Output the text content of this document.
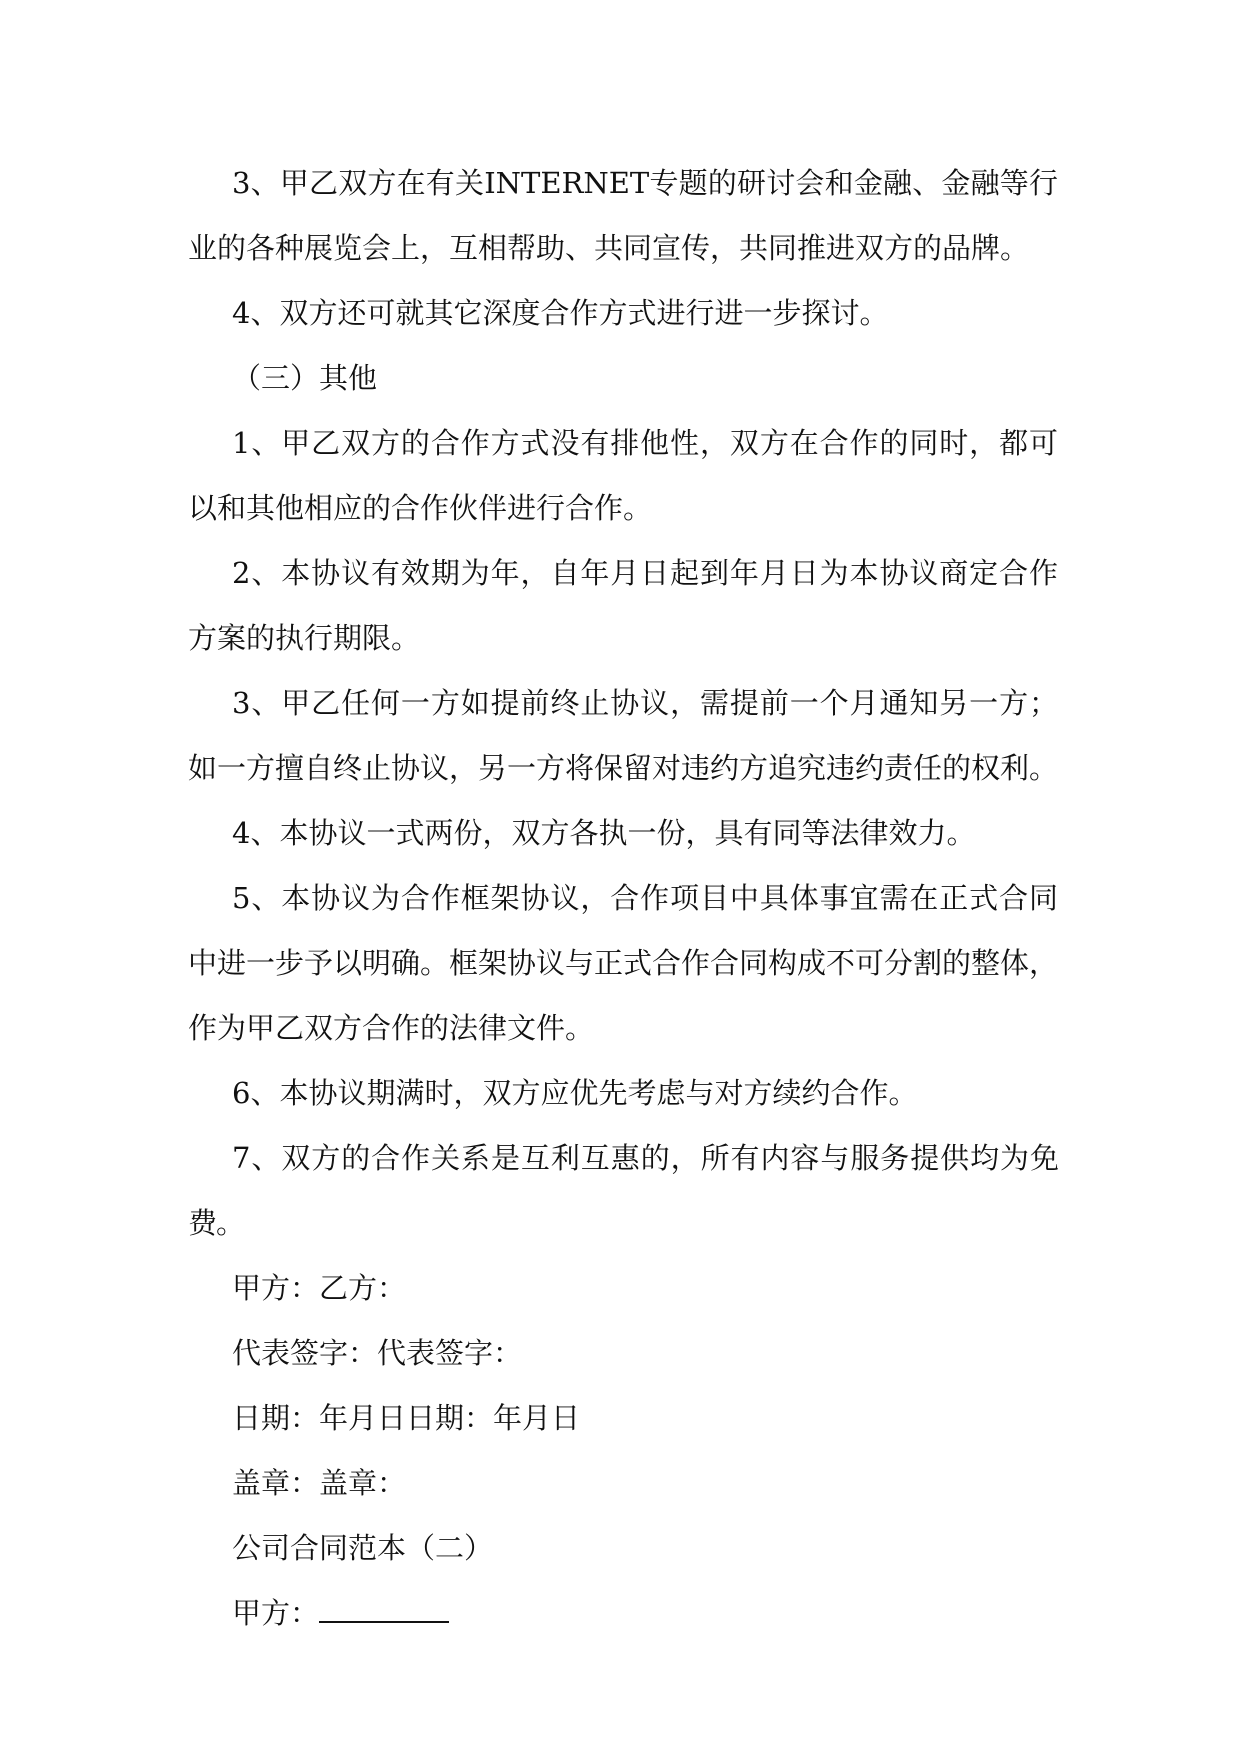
3、甲乙双方在有关INTERNET专题的研讨会和金融、金融等行业的各种展览会上，互相帮助、共同宣传，共同推进双方的品牌。

4、双方还可就其它深度合作方式进行进一步探讨。

（三）其他

1、甲乙双方的合作方式没有排他性，双方在合作的同时，都可以和其他相应的合作伙伴进行合作。

2、本协议有效期为年，自年月日起到年月日为本协议商定合作方案的执行期限。

3、甲乙任何一方如提前终止协议，需提前一个月通知另一方；如一方擅自终止协议，另一方将保留对违约方追究违约责任的权利。

4、本协议一式两份，双方各执一份，具有同等法律效力。

5、本协议为合作框架协议，合作项目中具体事宜需在正式合同中进一步予以明确。框架协议与正式合作合同构成不可分割的整体，作为甲乙双方合作的法律文件。

6、本协议期满时，双方应优先考虑与对方续约合作。

7、双方的合作关系是互利互惠的，所有内容与服务提供均为免费。

甲方：乙方：

代表签字：代表签字：

日期：年月日日期：年月日

盖章：盖章：

公司合同范本（二）

甲方：
